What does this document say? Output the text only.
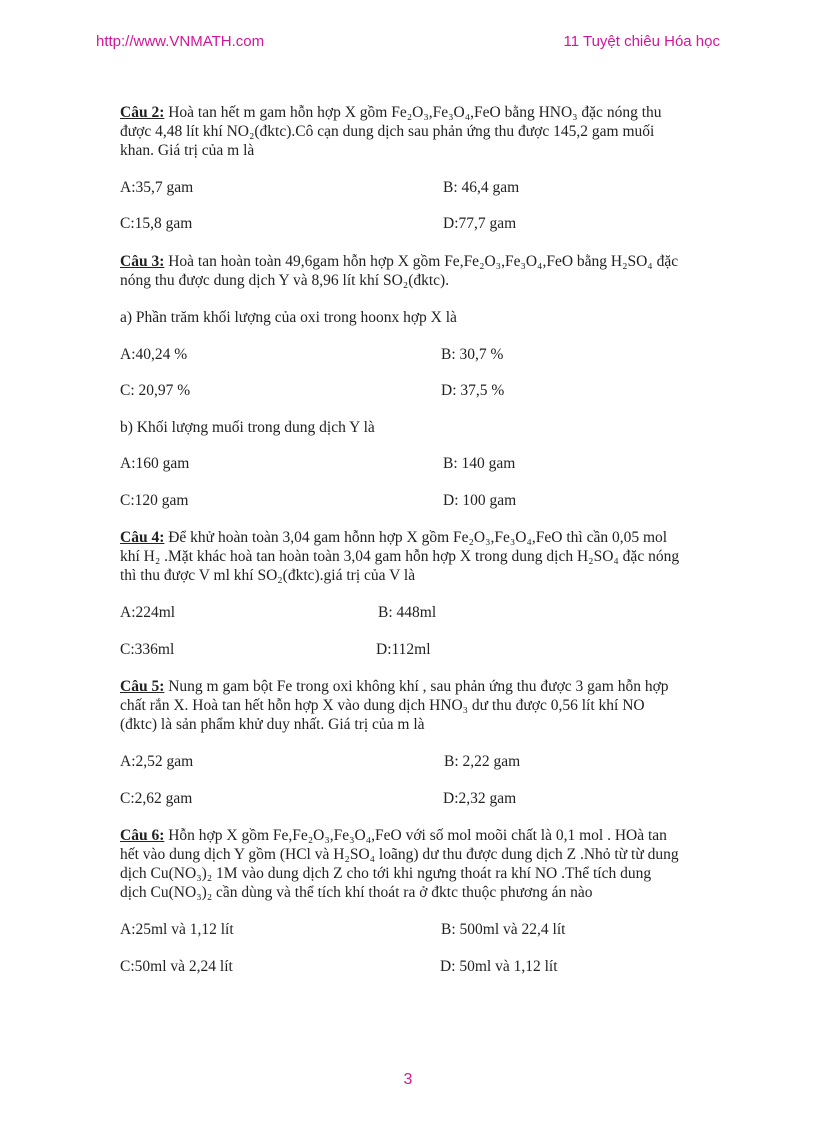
http://www.VNMATH.com	11 Tuyệt chiêu Hóa học
Câu 2: Hoà tan hết m gam hỗn hợp X gồm Fe₂O₃,Fe₃O₄,FeO bằng HNO₃ đặc nóng thu
được 4,48 lít khí NO₂(đktc).Cô cạn dung dịch sau phản ứng thu được 145,2 gam muối
khan. Giá trị của m là
A:35,7 gam	B: 46,4 gam
C:15,8 gam	D:77,7 gam
Câu 3: Hoà tan hoàn toàn 49,6gam hỗn hợp X gồm Fe,Fe₂O₃,Fe₃O₄,FeO bằng H₂SO₄ đặc
nóng thu được dung dịch Y và 8,96 lít khí SO₂(đktc).
a) Phần trăm khối lượng của oxi trong hoonx hợp X là
A:40,24 %	B: 30,7 %
C: 20,97 %	D: 37,5 %
b) Khối lượng muối trong dung dịch Y là
A:160 gam	B: 140 gam
C:120 gam	D: 100 gam
Câu 4: Để khử hoàn toàn 3,04 gam hỗnn hợp X gồm Fe₂O₃,Fe₃O₄,FeO thì cần 0,05 mol
khí H₂ .Mặt khác hoà tan hoàn toàn 3,04 gam hỗn hợp X trong dung dịch H₂SO₄ đặc nóng
thì thu được V ml khí SO₂(đktc).giá trị của V là
A:224ml	B: 448ml
C:336ml	D:112ml
Câu 5: Nung m gam bột Fe trong oxi không khí , sau phản ứng thu được 3 gam hỗn hợp
chất rắn X. Hoà tan hết hỗn hợp X vào dung dịch HNO₃ dư thu được 0,56 lít khí NO
(đktc) là sản phẩm khử duy nhất. Giá trị của m là
A:2,52 gam	B: 2,22 gam
C:2,62 gam	D:2,32 gam
Câu 6: Hỗn hợp X gồm Fe,Fe₂O₃,Fe₃O₄,FeO với số mol moõi chất là 0,1 mol . HOà tan
hết vào dung dịch Y gồm (HCl và H₂SO₄ loãng) dư thu được dung dịch Z .Nhỏ từ từ dung
dịch Cu(NO₃)₂ 1M vào dung dịch Z cho tới khi ngưng thoát ra khí NO .Thể tích dung
dịch Cu(NO₃)₂ cần dùng và thể tích khí thoát ra ở đktc thuộc phương án nào
A:25ml và 1,12 lít	B: 500ml và 22,4 lít
C:50ml và 2,24 lít	D: 50ml và 1,12 lít
3
